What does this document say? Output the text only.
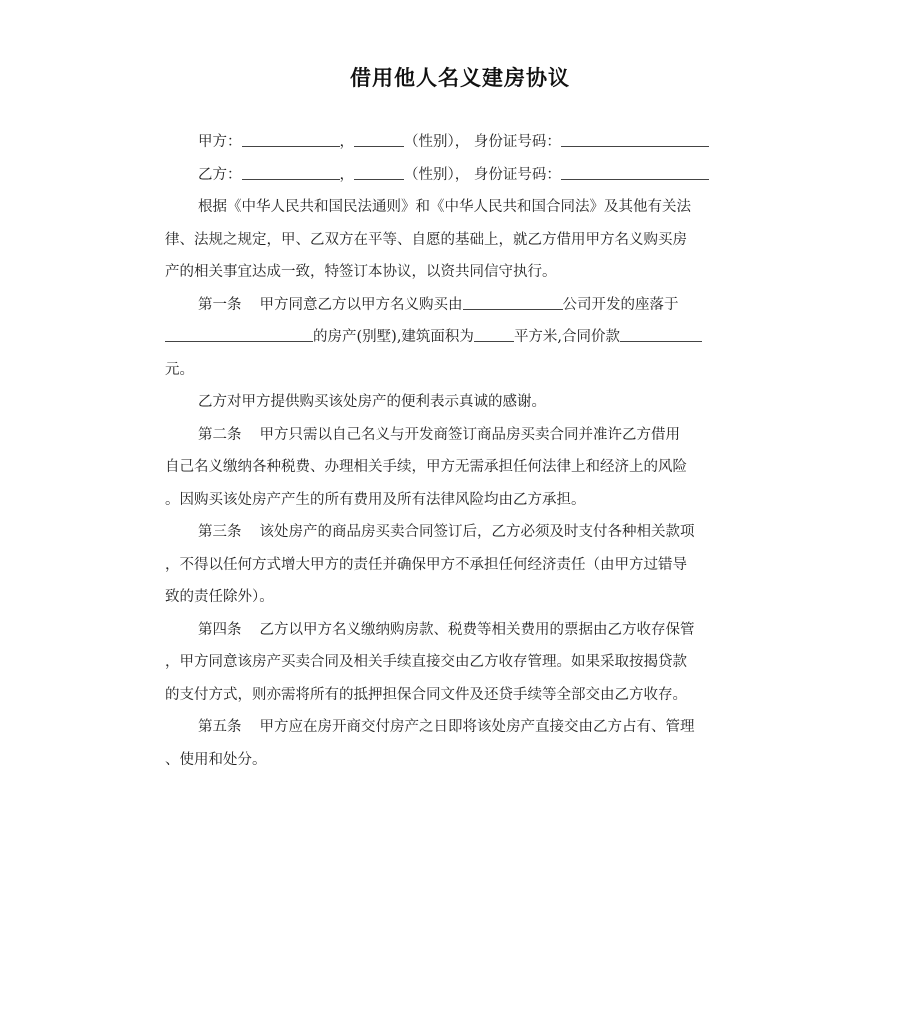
借用他人名义建房协议
甲方：	，	（性别）， 身份证号码：
乙方：	，	（性别）， 身份证号码：
根据《中华人民共和国民法通则》和《中华人民共和国合同法》及其他有关法
律、法规之规定，甲、乙双方在平等、自愿的基础上，就乙方借用甲方名义购买房
产的相关事宜达成一致，特签订本协议，以资共同信守执行。
第一条 甲方同意乙方以甲方名义购买由	公司开发的座落于
的房产(别墅),建筑面积为	平方米,合同价款
元。
乙方对甲方提供购买该处房产的便利表示真诚的感谢。
第二条 甲方只需以自己名义与开发商签订商品房买卖合同并准许乙方借用
自己名义缴纳各种税费、办理相关手续，甲方无需承担任何法律上和经济上的风险
。因购买该处房产产生的所有费用及所有法律风险均由乙方承担。
第三条 该处房产的商品房买卖合同签订后，乙方必须及时支付各种相关款项
，不得以任何方式增大甲方的责任并确保甲方不承担任何经济责任（由甲方过错导
致的责任除外）。
第四条 乙方以甲方名义缴纳购房款、税费等相关费用的票据由乙方收存保管
，甲方同意该房产买卖合同及相关手续直接交由乙方收存管理。如果采取按揭贷款
的支付方式，则亦需将所有的抵押担保合同文件及还贷手续等全部交由乙方收存。
第五条 甲方应在房开商交付房产之日即将该处房产直接交由乙方占有、管理
、使用和处分。
